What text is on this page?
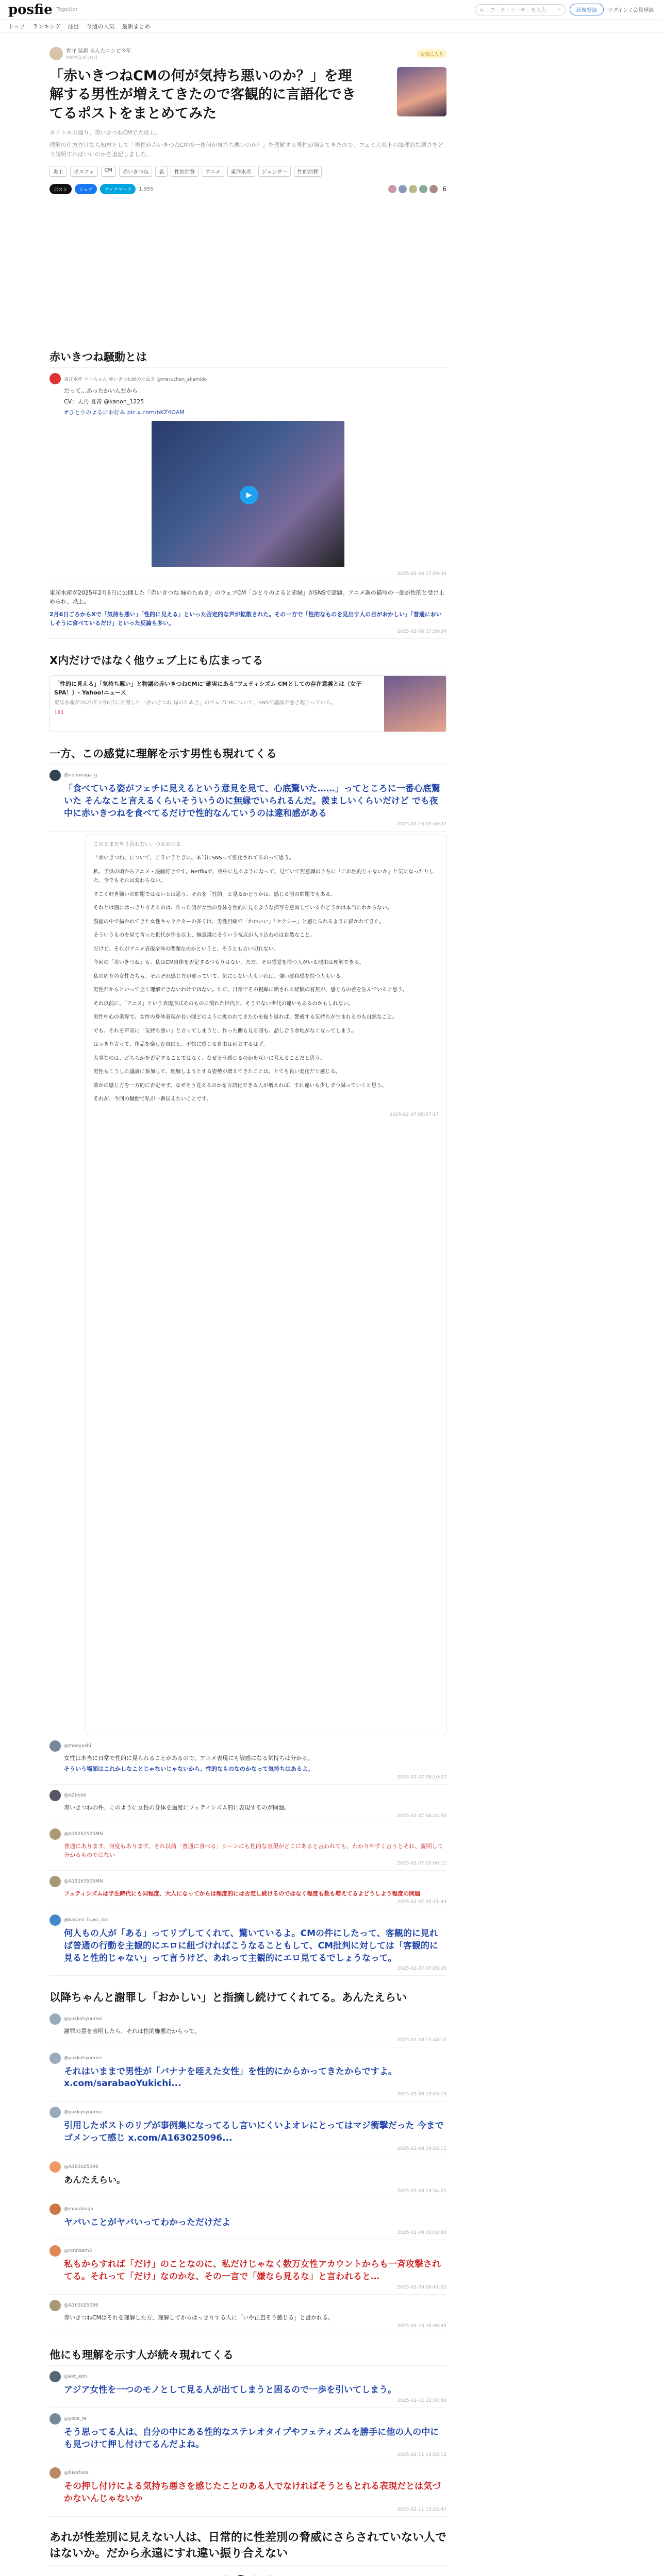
posfie Togetter	キーワード・ユーザーを入力 ⌕	新規登録	ログイン / 会員登録
トップ ランキング 注目 今週の人気 最新まとめ
看守 猛新 あんたエンピ今年
2025年2月6日
お気に入り
「赤いきつねCMの何が気持ち悪いのか？」を理解する男性が増えてきたので客観的に言語化できてるポストをまとめてみた

タイトルの通り、赤いきつねCMで大炎上。

理解の仕方だけなら知恵として「男性が赤いきつねCMの一体何が気持ち悪いのか？」を理解する男性が増えてきたので、フェミ大炎上の論理的な悪さをどう説明すればいいのかを追記しました。

炎上	ポスフェ	CM	赤いきつね	表	性的消費	アニメ	東洋水産	ジェンダー	性的消費
ポスト	シェア	ブックマーク	1,955	6
赤いきつね騒動とは
東洋水産 マルちゃん 赤いきつね緑のたぬき @maruchan_akamido
だって…あったかいんだから
CV：天乃 夏音 @kanon_1225
#ひとりのよるにお好み pic.x.com/bKZ4OAM
▶
2025-02-06 17:59:34
東洋水産が2025年2月6日に公開した「赤いきつね 緑のたぬき」のウェブCM「ひとりのよると赤緑」がSNSで話題。アニメ調の描写の一部が性的と受け止められ、炎上。
2月6日ごろからXで「気持ち悪い」「性的に見える」といった否定的な声が拡散された。その一方で「性的なものを見出す人の目がおかしい」「普通においしそうに食べているだけ」といった反論も多い。
2025-02-06 17:59:34
X内だけではなく他ウェブ上にも広まってる
「性的に見える」「気持ち悪い」と物議の赤いきつねCMに"確実にある"フェティシズム CMとしての存在意義とは（女子SPA！）- Yahoo!ニュース
東洋水産が2025年2月6日に公開した「赤いきつね 緑のたぬき」のウェブCMについて、SNSで議論が巻き起こっている。
181
一方、この感覚に理解を示す男性も現れてくる
@nobunaga_g
「食べている姿がフェチに見えるという意見を見て、心底驚いた……」ってところに一番心底驚いた そんなこと言えるくらいそういうのに無縁でいられるんだ。羨ましいくらいだけど でも夜中に赤いきつねを食べてるだけで性的なんていうのは違和感がある
2025-02-16 05:50:22
このとまたやり合わない。つるのつる

「赤いきつね」について、こういうときに、本当にSNSって強化されてるのって思う。

私、子供の頃からアニメ・漫画好きです。Netflixで、夜中に見るようになって、見ていて無意識のうちに「これ性的じゃないか」と気になったりした。今でもそれは変わらない。

すごく好き嫌いの問題ではないとは思う。それを「性的」と見るかどうかは、感じる側の問題でもある。

それとは別にはっきり言えるのは、作った側が女性の身体を性的に見るような描写を意図しているかどうかは本当にわからない。

漫画の中で描かれてきた女性キャラクターの多くは、男性目線で「かわいい」「セクシー」と感じられるように描かれてきた。

そういうものを見て育った世代が作る以上、無意識にそういう視点が入り込むのは自然なこと。

だけど、それがアニメ表現全体の問題なのかというと、そうとも言い切れない。

今回の「赤いきつね」も、私はCM自体を否定するつもりはない。ただ、その感覚を持つ人がいる理由は理解できる。

私の周りの女性たちも、それぞれ感じ方が違っていて、気にしない人もいれば、強い違和感を持つ人もいる。

男性だからといって全く理解できないわけではない。ただ、日常でその視線に晒される経験の有無が、感じ方の差を生んでいると思う。

それ以前に、「アニメ」という表現形式そのものに慣れた世代と、そうでない世代の違いもあるのかもしれない。

男性中心の業界で、女性の身体表現が長い間どのように扱われてきたかを振り返れば、警戒する気持ちが生まれるのも自然なこと。

でも、それを声高に「気持ち悪い」と言ってしまうと、作った側も見る側も、話し合う余地がなくなってしまう。

はっきり言って、作品を楽しむ自由と、不快に感じる自由は両立するはず。

大事なのは、どちらかを否定することではなく、なぜそう感じるのかを互いに考えることだと思う。

男性もこうした議論に参加して、理解しようとする姿勢が増えてきたことは、とても良い変化だと感じる。

誰かの感じ方を一方的に否定せず、なぜそう見えるのかを言語化できる人が増えれば、すれ違いも少しずつ減っていくと思う。

それが、今回の騒動で私が一番伝えたいことです。

2025-02-07 05:57:17
@maoyushi
女性は本当に日常で性的に見られることがあるので、アニメ表現にも敏感になる気持ちは分かる。
そういう場面はこれかしなことじゃないじゃないから、性的なものなのかなって気持ちはあるよ。
2025-02-07 08:10:07
@A2bbbb
赤いきつねの件、このように女性の身体を過度にフェティシズム的に表現するのが問題。
2025-02-07 04:24:55
@A19263505MN
普通にあります。何度もあります。それ以前「普通に食べる」シーンにも性的な表現がどこにあると言われても、わかりやすく言うとそれ、説明して分かるものではない
2025-02-07 05:06:11
@A19263505MN
フェティシズムは学生時代にも同程度、大人になってからは頻度的には否定し続けるのではなく程度も数も増えてるよどうしよう程度の問題
2025-02-07 05:21:43
@karami_fuwo_abc
何人もの人が「ある」ってリプしてくれて、驚いているよ。CMの件にしたって、客観的に見れば普通の行動を主観的にエロに紐づければこうなることもして、CM批判に対しては「客観的に見ると性的じゃない」って言うけど、あれって主観的にエロ見てるでしょうなって。
2025-02-07 07:26:05
以降ちゃんと謝罪し「おかしい」と指摘し続けてくれてる。あんたえらい
@yukkohyunmei
謝罪の意を表明したら、それは性的嫌悪だからって。
2025-02-08 15:48:10
@yukkohyunmei
それはいままで男性が「バナナを咥えた女性」を性的にからかってきたからですよ。x.com/sarabaoYukichi...
2025-02-08 19:43:13
@yukkohyunmei
引用したポストのリプが事例集になってるし言いにくいよオレにとってはマジ衝撃だった 今までゴメンって感じ x.com/A163025096...
2025-02-08 19:52:11
@A163025096
あんたえらい。
2025-02-08 19:54:21
@maodonga
ヤバいことがヤバいってわかっただけだよ
2025-02-09 03:42:40
@rcnnaam3
私もからすれば「だけ」のことなのに、私だけじゃなく数万女性アカウントからも一斉攻撃されてる。それって「だけ」なのかな、その一言で「嫌なら見るな」と言われると…
2025-02-09 06:41:03
@A163025096
赤いきつねCMはそれを理解した方、理解してからはっきりする人に「いや正直そう感じる」と書かれる。
2025-02-10 16:08:45
他にも理解を示す人が続々現れてくる
@akt_eon
アジア女性を一つのモノとして見る人が出てしまうと困るので一歩を引いてしまう。
2025-02-11 12:37:46
@yoke_re
そう思ってる人は、自分の中にある性的なステレオタイプやフェティズムを勝手に他の人の中にも見つけて押し付けてるんだよね。
2025-02-11 14:52:12
@fukafuka
その押し付けによる気持ち悪さを感じたことのある人でなければそうともとれる表現だとは気づかないんじゃないか
2025-02-11 15:22:47
あれが性差別に見えない人は、日常的に性差別の脅威にさらされていない人ではないか。だから永遠にすれ違い振り合えない
